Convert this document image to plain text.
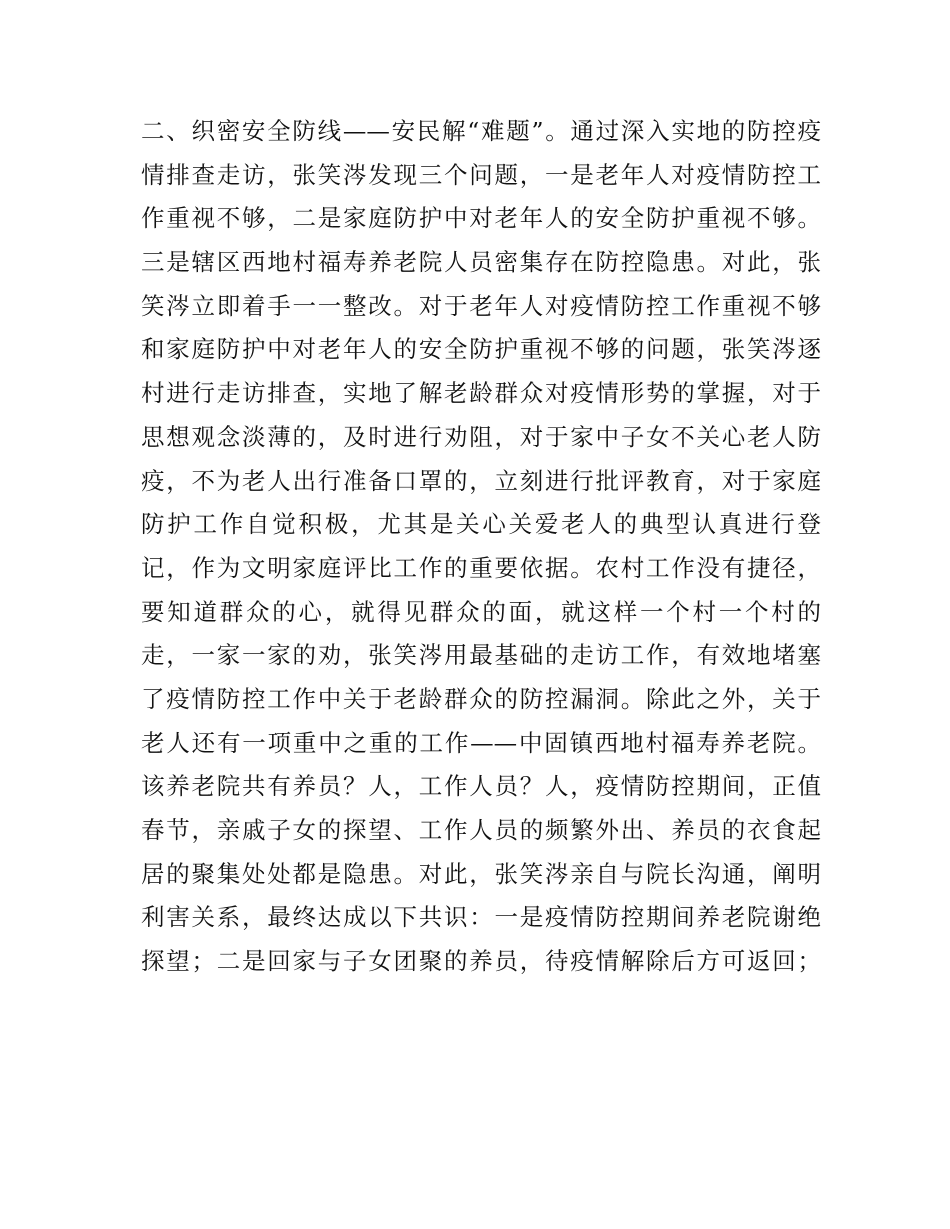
二、织密安全防线——安民解“难题”。通过深入实地的防控疫
情排查走访，张笑涔发现三个问题，一是老年人对疫情防控工
作重视不够，二是家庭防护中对老年人的安全防护重视不够。
三是辖区西地村福寿养老院人员密集存在防控隐患。对此，张
笑涔立即着手一一整改。对于老年人对疫情防控工作重视不够
和家庭防护中对老年人的安全防护重视不够的问题，张笑涔逐
村进行走访排查，实地了解老龄群众对疫情形势的掌握，对于
思想观念淡薄的，及时进行劝阻，对于家中子女不关心老人防
疫，不为老人出行准备口罩的，立刻进行批评教育，对于家庭
防护工作自觉积极，尤其是关心关爱老人的典型认真进行登
记，作为文明家庭评比工作的重要依据。农村工作没有捷径，
要知道群众的心，就得见群众的面，就这样一个村一个村的
走，一家一家的劝，张笑涔用最基础的走访工作，有效地堵塞
了疫情防控工作中关于老龄群众的防控漏洞。除此之外，关于
老人还有一项重中之重的工作——中固镇西地村福寿养老院。
该养老院共有养员？人，工作人员？人，疫情防控期间，正值
春节，亲戚子女的探望、工作人员的频繁外出、养员的衣食起
居的聚集处处都是隐患。对此，张笑涔亲自与院长沟通，阐明
利害关系，最终达成以下共识：一是疫情防控期间养老院谢绝
探望；二是回家与子女团聚的养员，待疫情解除后方可返回；
